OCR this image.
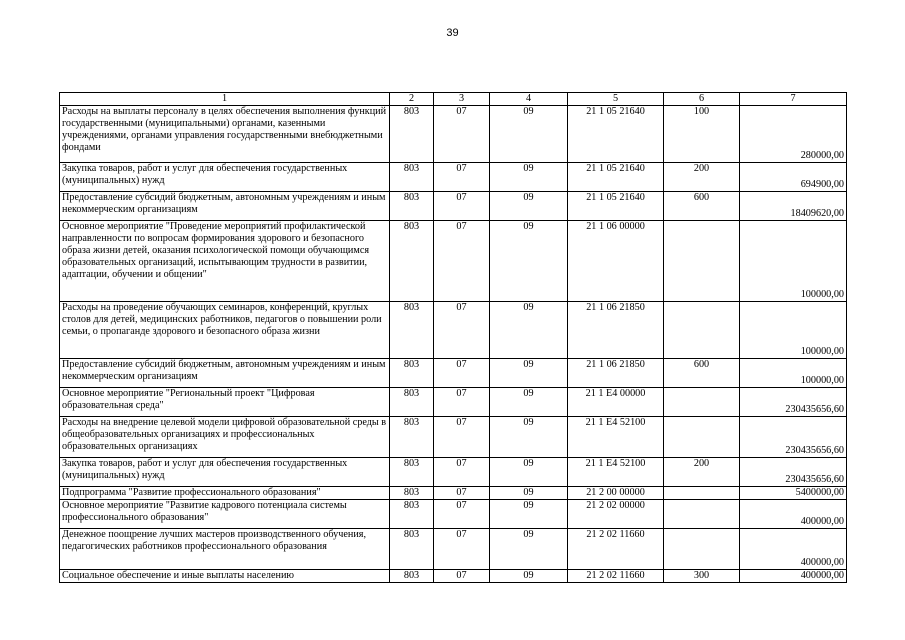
39
1	2	3	4	5	6	7
Расходы на выплаты персоналу в целях обеспечения выполнения функций государственными (муниципальными) органами, казенными учреждениями, органами управления государственными внебюджетными фондами	803	07	09	21 1 05 21640	100	280000,00
Закупка товаров, работ и услуг для обеспечения государственных (муниципальных) нужд	803	07	09	21 1 05 21640	200	694900,00
Предоставление субсидий бюджетным, автономным учреждениям и иным некоммерческим организациям	803	07	09	21 1 05 21640	600	18409620,00
Основное мероприятие "Проведение мероприятий профилактической направленности по вопросам формирования здорового и безопасного образа жизни детей, оказания психологической помощи обучающимся образовательных организаций, испытывающим трудности в развитии, адаптации, обучении и общении"	803	07	09	21 1 06 00000		100000,00
Расходы на проведение обучающих семинаров, конференций, круглых столов для детей, медицинских работников, педагогов о повышении роли семьи, о пропаганде здорового и безопасного образа жизни	803	07	09	21 1 06 21850		100000,00
Предоставление субсидий бюджетным, автономным учреждениям и иным некоммерческим организациям	803	07	09	21 1 06 21850	600	100000,00
Основное мероприятие "Региональный проект "Цифровая образовательная среда"	803	07	09	21 1 E4 00000		230435656,60
Расходы на внедрение целевой модели цифровой образовательной среды в общеобразовательных организациях и профессиональных образовательных организациях	803	07	09	21 1 E4 52100		230435656,60
Закупка товаров, работ и услуг для обеспечения государственных (муниципальных) нужд	803	07	09	21 1 E4 52100	200	230435656,60
Подпрограмма "Развитие профессионального образования"	803	07	09	21 2 00 00000		5400000,00
Основное мероприятие "Развитие кадрового потенциала системы профессионального образования"	803	07	09	21 2 02 00000		400000,00
Денежное поощрение лучших мастеров производственного обучения, педагогических работников профессионального образования	803	07	09	21 2 02 11660		400000,00
Социальное обеспечение и иные выплаты населению	803	07	09	21 2 02 11660	300	400000,00
